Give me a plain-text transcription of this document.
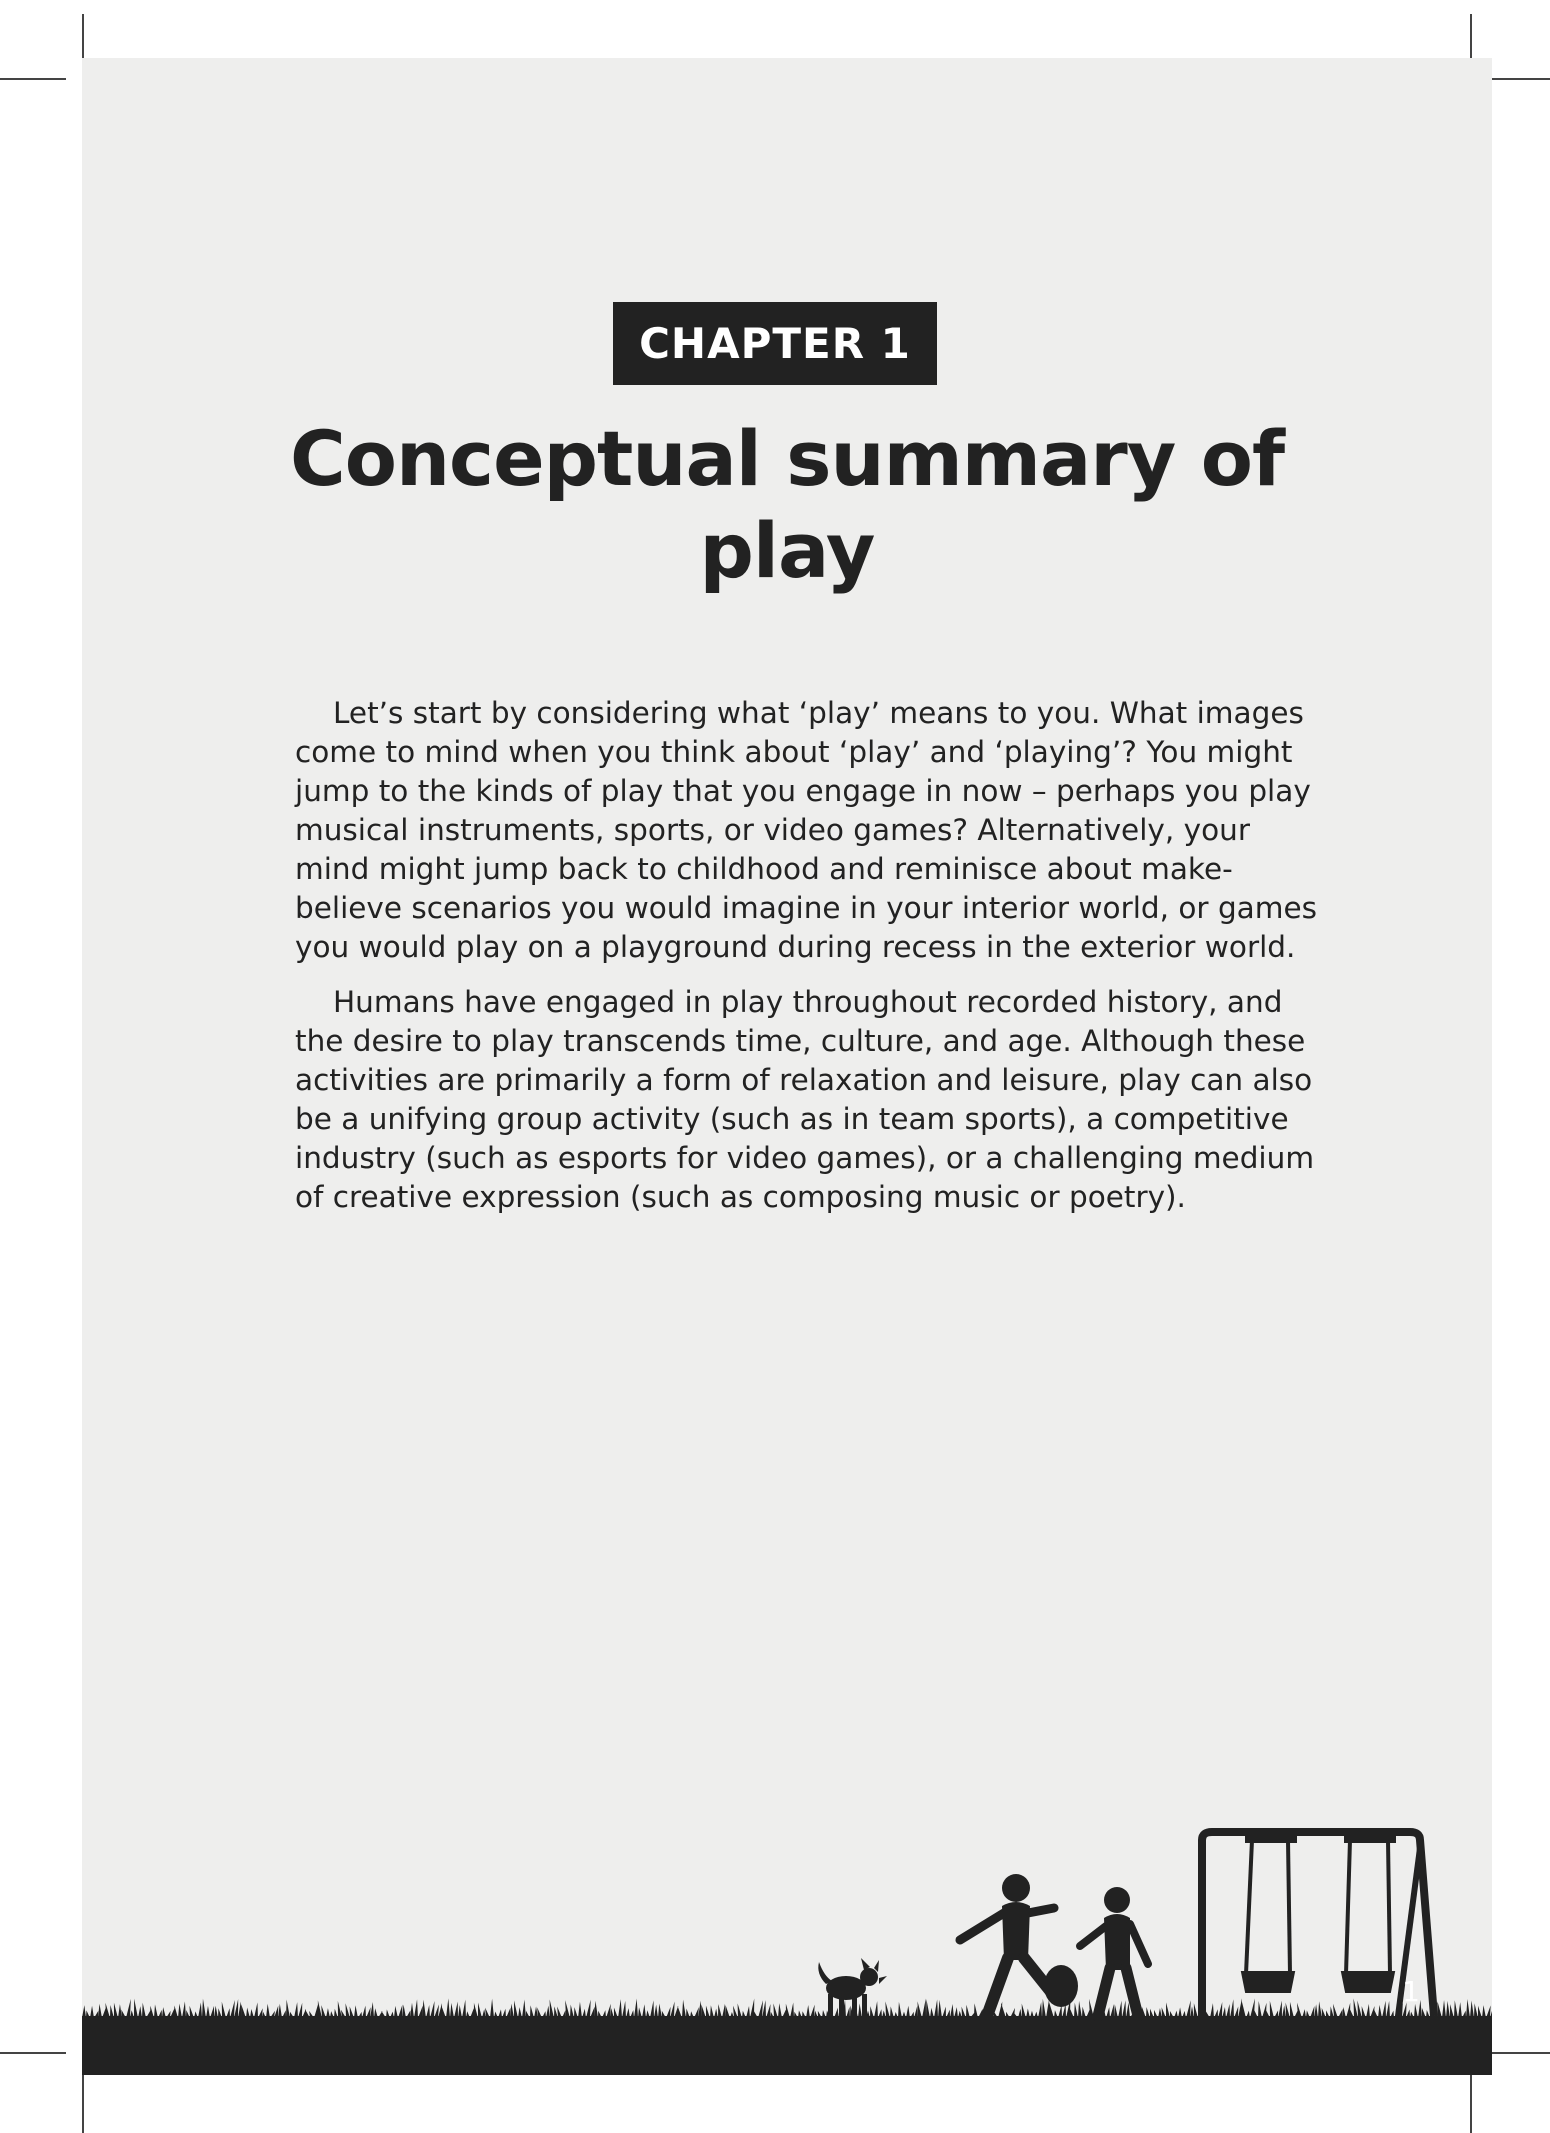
CHAPTER 1
Conceptual summary of
play

Let’s start by considering what ‘play’ means to you. What images come to mind when you think about ‘play’ and ‘playing’? You might jump to the kinds of play that you engage in now – perhaps you play musical instruments, sports, or video games? Alternatively, your mind might jump back to childhood and reminisce about make-believe scenarios you would imagine in your interior world, or games you would play on a playground during recess in the exterior world.

Humans have engaged in play throughout recorded history, and the desire to play transcends time, culture, and age. Although these activities are primarily a form of relaxation and leisure, play can also be a unifying group activity (such as in team sports), a competitive industry (such as esports for video games), or a challenging medium of creative expression (such as composing music or poetry).

1
